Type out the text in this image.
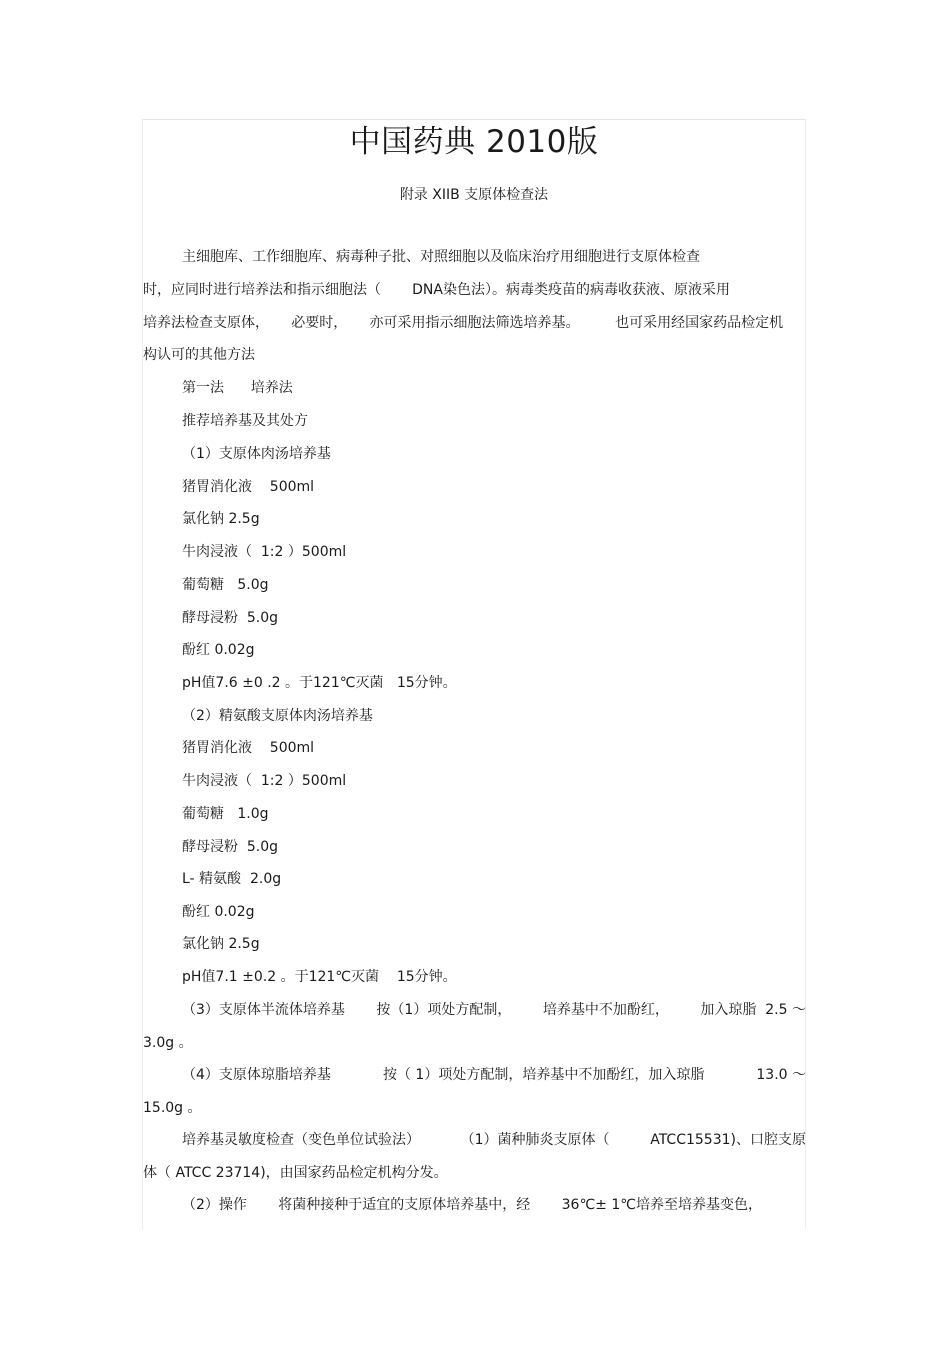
中国药典 2010版
附录 XIIB 支原体检查法
主细胞库、工作细胞库、病毒种子批、对照细胞以及临床治疗用细胞进行支原体检查
时，应同时进行培养法和指示细胞法（       DNA染色法）。病毒类疫苗的病毒收获液、原液采用
培养法检查支原体，     必要时，     亦可采用指示细胞法筛选培养基。        也可采用经国家药品检定机
构认可的其他方法
第一法      培养法
推荐培养基及其处方
（1）支原体肉汤培养基
猪胃消化液    500ml
氯化钠 2.5g
牛肉浸液（  1:2 ）500ml
葡萄糖   5.0g
酵母浸粉  5.0g
酚红 0.02g
pH值7.6 ±0 .2 。于121℃灭菌   15分钟。
（2）精氨酸支原体肉汤培养基
猪胃消化液    500ml
牛肉浸液（  1:2 ）500ml
葡萄糖   1.0g
酵母浸粉  5.0g
L- 精氨酸  2.0g
酚红 0.02g
氯化钠 2.5g
pH值7.1 ±0.2 。于121℃灭菌    15分钟。
（3）支原体半流体培养基 按（1）项处方配制， 培养基中不加酚红， 加入琼脂  2.5 ～
3.0g 。
（4）支原体琼脂培养基	按（ 1）项处方配制，培养基中不加酚红，加入琼脂	13.0 ～
15.0g 。
培养基灵敏度检查（变色单位试验法）	（1）菌种肺炎支原体（	ATCC15531)、口腔支原
体（ ATCC 23714)，由国家药品检定机构分发。
（2）操作 将菌种接种于适宜的支原体培养基中，经 36℃± 1℃培养至培养基变色，
